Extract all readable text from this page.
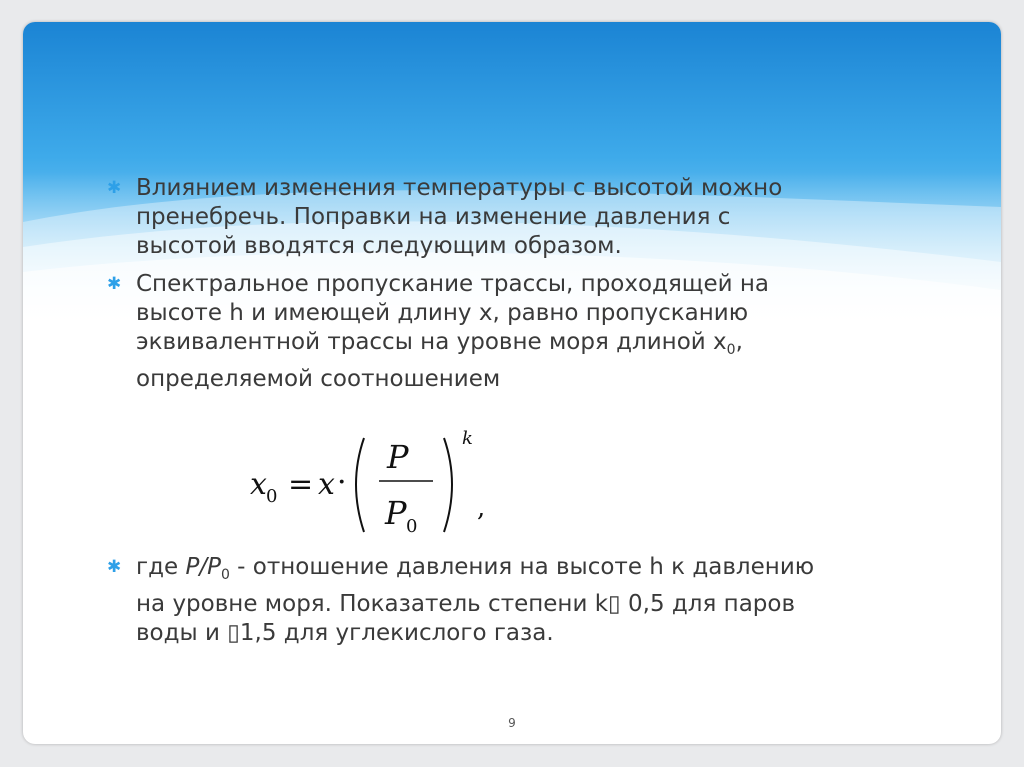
✱ Влиянием изменения температуры с высотой можно
пренебречь. Поправки на изменение давления с
высотой вводятся следующим образом.
✱ Спектральное пропускание трассы, проходящей на
высоте h и имеющей длину x, равно пропусканию
эквивалентной трассы на уровне моря длиной $x_0$,
определяемой соотношением
x 0 = x ·
P
P 0
k
,
9
✱ где $P/P_0$ - отношение давления на высоте h к давлению
на уровне моря. Показатель степени k▯ 0,5 для паров
воды и ▯1,5 для углекислого газа.
